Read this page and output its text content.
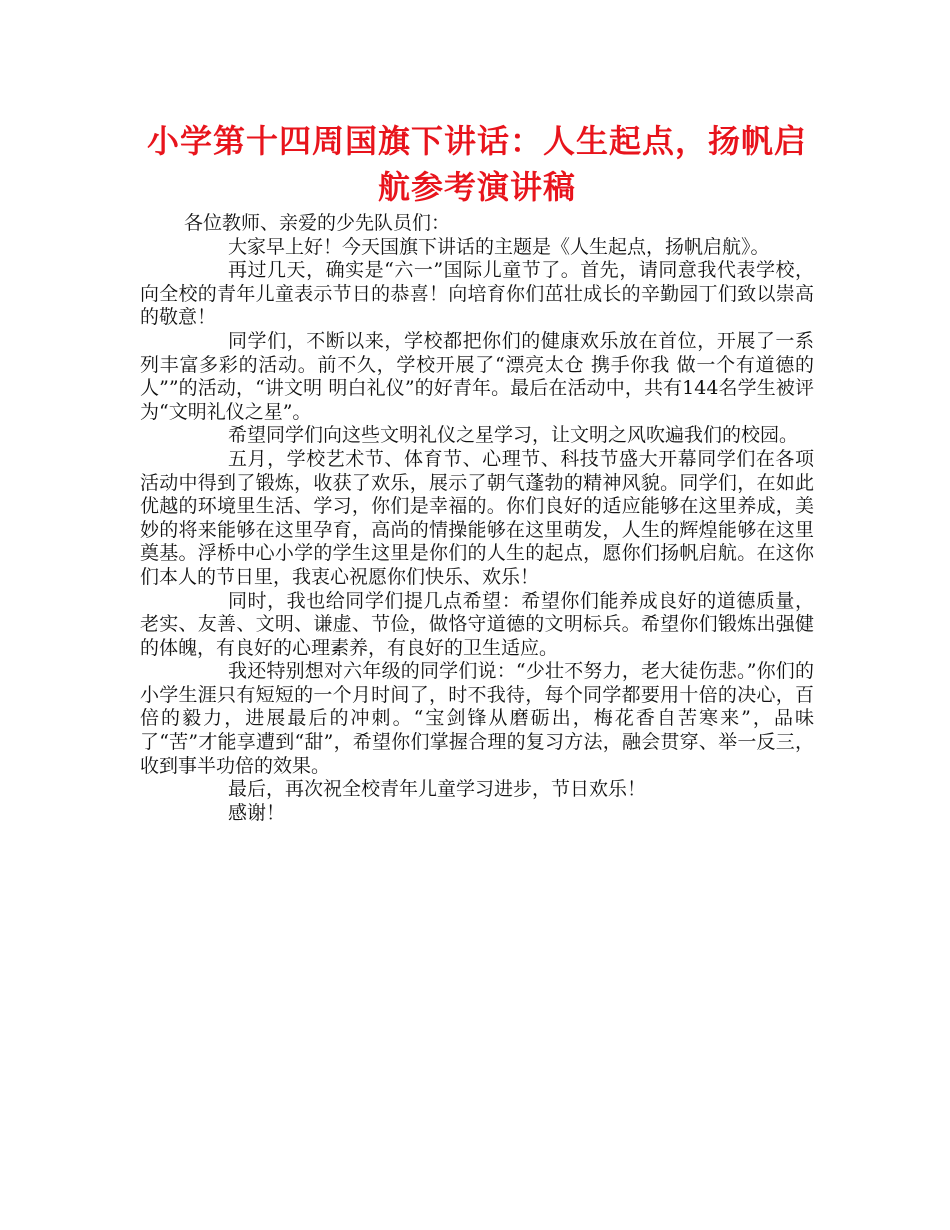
小学第十四周国旗下讲话：人生起点，扬帆启航参考演讲稿

各位教师、亲爱的少先队员们：

大家早上好！今天国旗下讲话的主题是《人生起点，扬帆启航》。

再过几天，确实是“六一”国际儿童节了。首先，请同意我代表学校，向全校的青年儿童表示节日的恭喜！向培育你们茁壮成长的辛勤园丁们致以崇高的敬意！

同学们，不断以来，学校都把你们的健康欢乐放在首位，开展了一系列丰富多彩的活动。前不久，学校开展了“漂亮太仓 携手你我 做一个有道德的人””的活动，“讲文明 明白礼仪”的好青年。最后在活动中，共有144名学生被评为“文明礼仪之星”。

希望同学们向这些文明礼仪之星学习，让文明之风吹遍我们的校园。

五月，学校艺术节、体育节、心理节、科技节盛大开幕同学们在各项活动中得到了锻炼，收获了欢乐，展示了朝气蓬勃的精神风貌。同学们，在如此优越的环境里生活、学习，你们是幸福的。你们良好的适应能够在这里养成，美妙的将来能够在这里孕育，高尚的情操能够在这里萌发，人生的辉煌能够在这里奠基。浮桥中心小学的学生这里是你们的人生的起点，愿你们扬帆启航。在这你们本人的节日里，我衷心祝愿你们快乐、欢乐！

同时，我也给同学们提几点希望：希望你们能养成良好的道德质量，老实、友善、文明、谦虚、节俭，做恪守道德的文明标兵。希望你们锻炼出强健的体魄，有良好的心理素养，有良好的卫生适应。

我还特别想对六年级的同学们说：“少壮不努力，老大徒伤悲。”你们的小学生涯只有短短的一个月时间了，时不我待，每个同学都要用十倍的决心，百倍的毅力，进展最后的冲刺。“宝剑锋从磨砺出，梅花香自苦寒来”，品味了“苦”才能享遭到“甜”，希望你们掌握合理的复习方法，融会贯穿、举一反三，收到事半功倍的效果。

最后，再次祝全校青年儿童学习进步，节日欢乐！

感谢！
